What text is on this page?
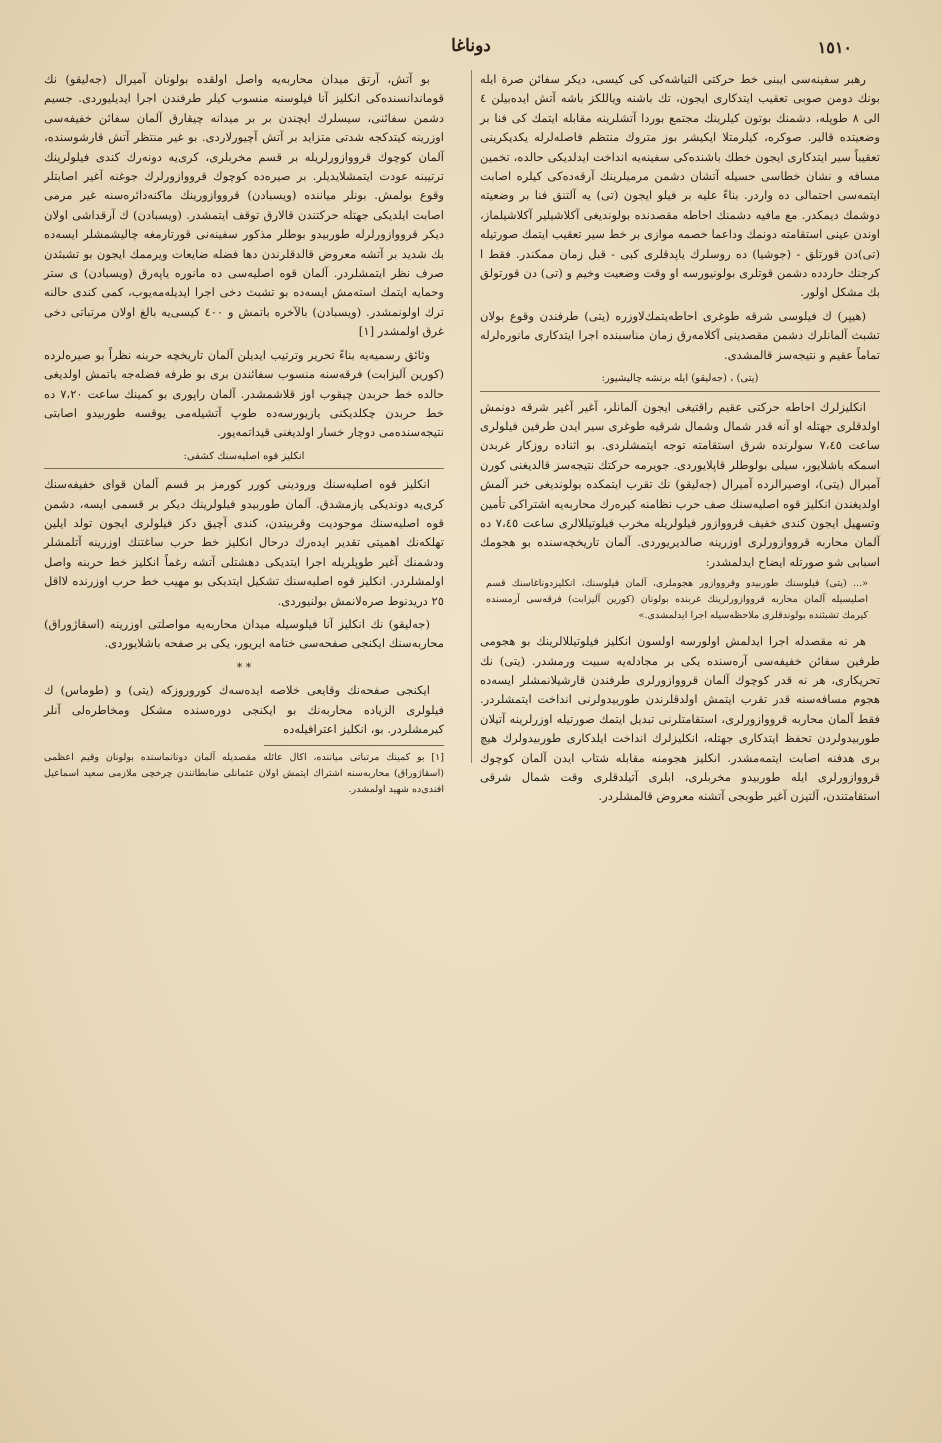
دوناغا	١٥١٠

رهبر سفینه‌سی ایبنی خط حرکتی التیاشه‌کی کی کیسی، دیکر سفائن صرة ایله بونك دومن صوبی تعقیب ایتدکاری ایجون، تك باشنه ویاللکز باشه آتش ایده‌بیلن ٤ الی ٨ طوپله، دشمنك بوتون کیلرینك مجتمع بوردا آتشلرینه مقابله ایتمك کی فنا بر وضعیتده قالیر. صوکره، کیلرمتلا ایکیشر بوز متروك منتظم فاصله‌لرله یکدیکرینی تعقیباً سیر ایتدکاری ایجون خطك باشنده‌کی سفینه‌یه انداخت ایدلدیکی حالده، تخمین مسافه و نشان خطاسی حسیله آتشان دشمن مرمیلرینك آرقه‌ده‌کی کیلره اصابت ایتمه‌سی احتمالی ده واردر. بناءً علیه بر فیلو ایجون (تی) یه آلتنق فنا بر وضعیته دوشمك دیمکدر. مع مافیه دشمنك احاطه مقصدنده بولوندیغی آکلاشیلیر آکلاشیلماز، اوندن عینی استقامته دونمك وداعما خصمه موازی بر خط سیر تعقیب ایتمك صورتیله (تی)دن قورتلق - (جوشیا) ده روسلرك یاپدقلری کبی - قبل زمان ممکندر. فقط ا کرجنك حاردده دشمن قوتلری بولونیورسه او وقت وضعیت وخیم و (تی) دن قورتولق بك مشکل اولور.

(هیپر) ك فیلوسی شرقه طوغری احاطه‌یتمك‌لاوزره (یتی) طرفندن وقوع بولان تشبث آلمانلرك دشمن مقصدینی آکلامه‌رق زمان مناسبنده اجرا ایتدکاری مانوره‌لرله تماماً عقیم و نتیجه‌سز قالمشدی.

(یتی) ، (جه‌لیقو) ایله برنشه چالیشیور:

انکلیزلرك احاطه حرکتی عقیم راقتیغی ایجون آلمانلر، آغیر آغیر شرقه دونمش اولدقلری جهتله او آنه قدر شمال وشمال شرقیه طوغری سیر ایدن طرفین فیلولری ساعت ٧،٤٥ سولرنده شرق استقامته توجه ایتمشلردی. بو اثناده روزکار غربدن اسمکه باشلایور، سیلی بولوطلر قاپلایوردی. جویرمه حرکتك نتیجه‌سز قالدیغنی کورن آمیرال (یتی)، اوصیرالرده آمیرال (جه‌لیقو) نك تقرب ایتمکده بولوندیغی خبر آلمش اولدیغندن انکلیز قوه اصلیه‌سنك صف حرب نظامنه کیره‌رك محاربه‌یه اشتراکی تأمین وتسهیل ایجون کندی خفیف قرووازور فیلولریله مخرب فیلوتیللالری ساعت ٧،٤٥ ده آلمان محاربه قرووازورلری اوزرینه صالدیریوردی. آلمان تاریخچه‌سنده بو هجومك اسبابی شو صورتله ایضاح ایدلمشدر:

«... (یتی) فیلوسنك طوربیدو وقرووازور هجوملری، آلمان فیلوسنك، انکلیزدوناغاسنك قسم اصلیسیله آلمان محاربه قرووازورلرینك غربنده بولونان (کورین آلیزابت) فرقه‌سی آرمسنده کیرمك تشبثنده بولوندقلری ملاحظه‌سیله اجرا ایدلمشدی.»

هر نه مقصدله اجرا ایدلمش اولورسه اولسون انکلیز فیلوتیللالرینك بو هجومی طرفین سفائن خفیفه‌سی آره‌سنده یکی بر مجادله‌یه سبیت ورمشدر. (یتی) نك تحریکاری، هر نه قدر کوچوك آلمان قرووازورلری طرفندن قارشیلانمشلر ایسه‌ده هجوم مسافه‌سنه قدر تقرب ایتمش اولدقلرندن طوربیدولرنی انداخت ایتمشلردر. فقط آلمان محاربه قرووازورلری، استقامتلرنی تبدیل ایتمك صورتیله اوزرلرینه آتیلان طوربیدولردن تحفظ ایتدکاری جهتله، انکلیزلرك انداخت ایلدکاری طوربیدولرك هیچ بری هدفنه اصابت ایتمه‌مشدر. انکلیز هجومنه مقابله شتاب ایدن آلمان کوچوك قرووازورلری ایله طوربیدو مخربلری، ابلری آتیلدقلری وقت شمال شرقی استقامتندن، آلتیزن آغیر طوبجی آتشنه معروض قالمشلردر.

بو آتش، آرتق میدان محاربه‌یه واصل اولقده بولونان آمیرال (جه‌لیقو) نك قوماندانسنده‌کی انکلیز آنا فیلوسنه منسوب کیلر طرفندن اجرا ایدیلیوردی. جسیم دشمن سفائنی، سیسلرك ایچندن بر بر میدانه چیقارق آلمان سفائن خفیفه‌سی اوزرینه کیتدکجه شدتی متزاید بر آتش آچیورلاردی. بو غیر منتظر آتش قارشوسنده، آلمان کوچوك قرووازورلریله بر قسم مخربلری، کری‌یه دونه‌رك کندی فیلولرینك ترتیبنه عودت ایتمشلایدیلر. بر صیره‌ده کوچوك قرووازورلرك جوغنه آغیر اصابتلر وقوع بولمش. بونلر میاننده (ویسبادن) قرووازورینك ماکنه‌دائره‌سنه غیر مرمی اصابت ایلدیکی جهتله حرکتندن قالارق توقف ایتمشدر. (ویسبادن) ك آرقداشی اولان دیکر قرووازورلرله طوربیدو بوطلر مذکور سفینه‌نی قورتارمغه چالیشمشلر ایسه‌ده بك شدید بر آتشه معروض قالدقلرندن دها فضله ضایعات ویرممك ایجون بو تشبثدن صرف نظر ایتمشلردر. آلمان قوه اصلیه‌سی ده مانوره یاپه‌رق (ویسبادن) ی ستر وحمایه ایتمك استه‌مش ایسه‌ده بو تشبث دخی اجرا ایدیله‌مه‌یوب، کمی کندی حالنه ترك اولونمشدر. (ویسبادن) بالآخره باتمش و ٤٠٠ کیسی‌یه بالغ اولان مرتباتی دخی غرق اولمشدر [١]

وثائق رسمیه‌یه بناءً تحریر وترتیب ایدیلن آلمان تاریخچه‌ حربنه نظراً بو صیره‌لرده (کورین آلیزابت) فرقه‌سنه منسوب سفائندن بری بو طرفه فضله‌جه باتمش اولدیغی حالده خط حربدن چیقوب اوز قلاشمشدر. آلمان راپوری بو کمینك ساعت ٧،٢٠ ده خط حربدن چکلدیکنی یازیورسه‌ده طوپ آتشیله‌می یوقسه طوربیدو اصابتی نتیجه‌سنده‌می دوچار خسار اولدیغنی قیداتمه‌یور.

انکلیز قوه اصلیه‌سنك کشفی:

انکلیز قوه اصلیه‌سنك ورودینی کورر کورمز بر قسم آلمان قوای خفیفه‌سنك کری‌یه دوندیکی یازمشدق. آلمان طوربیدو فیلولرینك دیکر بر قسمی ایسه، دشمن قوه اصلیه‌سنك موجودیت وقربیتدن، کندی آچیق دکز فیلولری ایجون تولد ایلین تهلکه‌نك اهمیتی تقدیر ایده‌رك درحال انکلیز خط حرب ساغتنك اوزرینه آتلمشلر ودشمنك آغیر طوپلریله اجرا ایتدیکی دهشتلی آتشه رغماً انکلیز خط حربنه واصل اولمشلردر. انکلیز قوه اصلیه‌سنك تشکیل ایتدیکی بو مهیب خط حرب اوزرنده لااقل ٢٥ دریدنوط صره‌لانمش بولنیوردی.

(جه‌لیقو) نك انکلیز آنا فیلوسیله میدان محاربه‌یه مواصلتی اوزرینه (اسقاژوراق) محاربه‌سنك ایکنجی صفحه‌سی ختامه ایریور، یکی بر صفحه باشلایوردی.

* *

ایکنجی صفحه‌نك وقایعی خلاصه ایده‌سه‌ك کوروروزكه (یتی) و (طوماس) ك فیلولری الزیاده محاربه‌نك بو ایکنجی دوره‌سنده مشکل ومخاطره‌لی آنلر کیرمشلردر. بو، انکلیز اعترافیله‌ده

[١] بو کمینك مرتباتی میاننده، اکال عائله مقصدیله آلمان دونانماسنده بولونان وقیم اعظمی (اسقاژوراق) محاربه‌سنه اشتراك ایتمش اولان عثمانلی ضابطانندن چرخچی ملازمی سعید اسماعیل افندی‌ده شهید اولمشدر.
